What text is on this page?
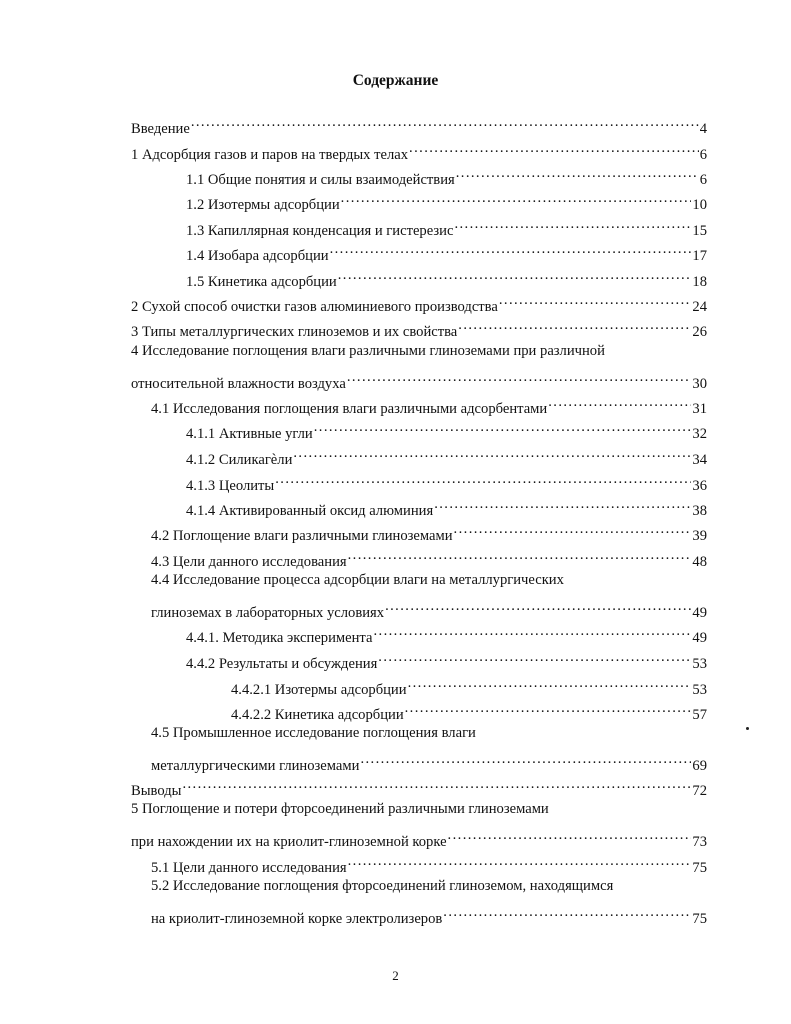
Содержание
Введение .....	4
1 Адсорбция газов и паров на твердых телах .....	6
1.1 Общие понятия и силы взаимодействия .....	6
1.2 Изотермы адсорбции .....	10
1.3 Капиллярная конденсация и гистерезис .....	15
1.4 Изобара адсорбции .....	17
1.5 Кинетика адсорбции .....	18
2 Сухой способ очистки газов алюминиевого производства .....	24
3 Типы металлургических глиноземов и их свойства .....	26
4 Исследование поглощения влаги различными глиноземами при различной
относительной влажности воздуха .....	30
4.1 Исследования поглощения влаги различными адсорбентами .....	31
4.1.1 Активные угли .....	32
4.1.2 Силикагѐли .....	34
4.1.3 Цеолиты .....	36
4.1.4 Активированный оксид алюминия .....	38
4.2 Поглощение влаги различными глиноземами .....	39
4.3 Цели данного исследования .....	48
4.4 Исследование процесса адсорбции влаги на металлургических
глиноземах в лабораторных условиях .....	49
4.4.1. Методика эксперимента .....	49
4.4.2 Результаты и обсуждения .....	53
4.4.2.1 Изотермы адсорбции .....	53
4.4.2.2 Кинетика адсорбции .....	57
4.5 Промышленное исследование поглощения влаги
металлургическими глиноземами .....	69
Выводы .....	72
5 Поглощение и потери фторсоединений различными глиноземами
при нахождении их на криолит-глиноземной корке .....	73
5.1 Цели данного исследования .....	75
5.2 Исследование поглощения фторсоединений глиноземом, находящимся
на криолит-глиноземной корке электролизеров .....	75
2
